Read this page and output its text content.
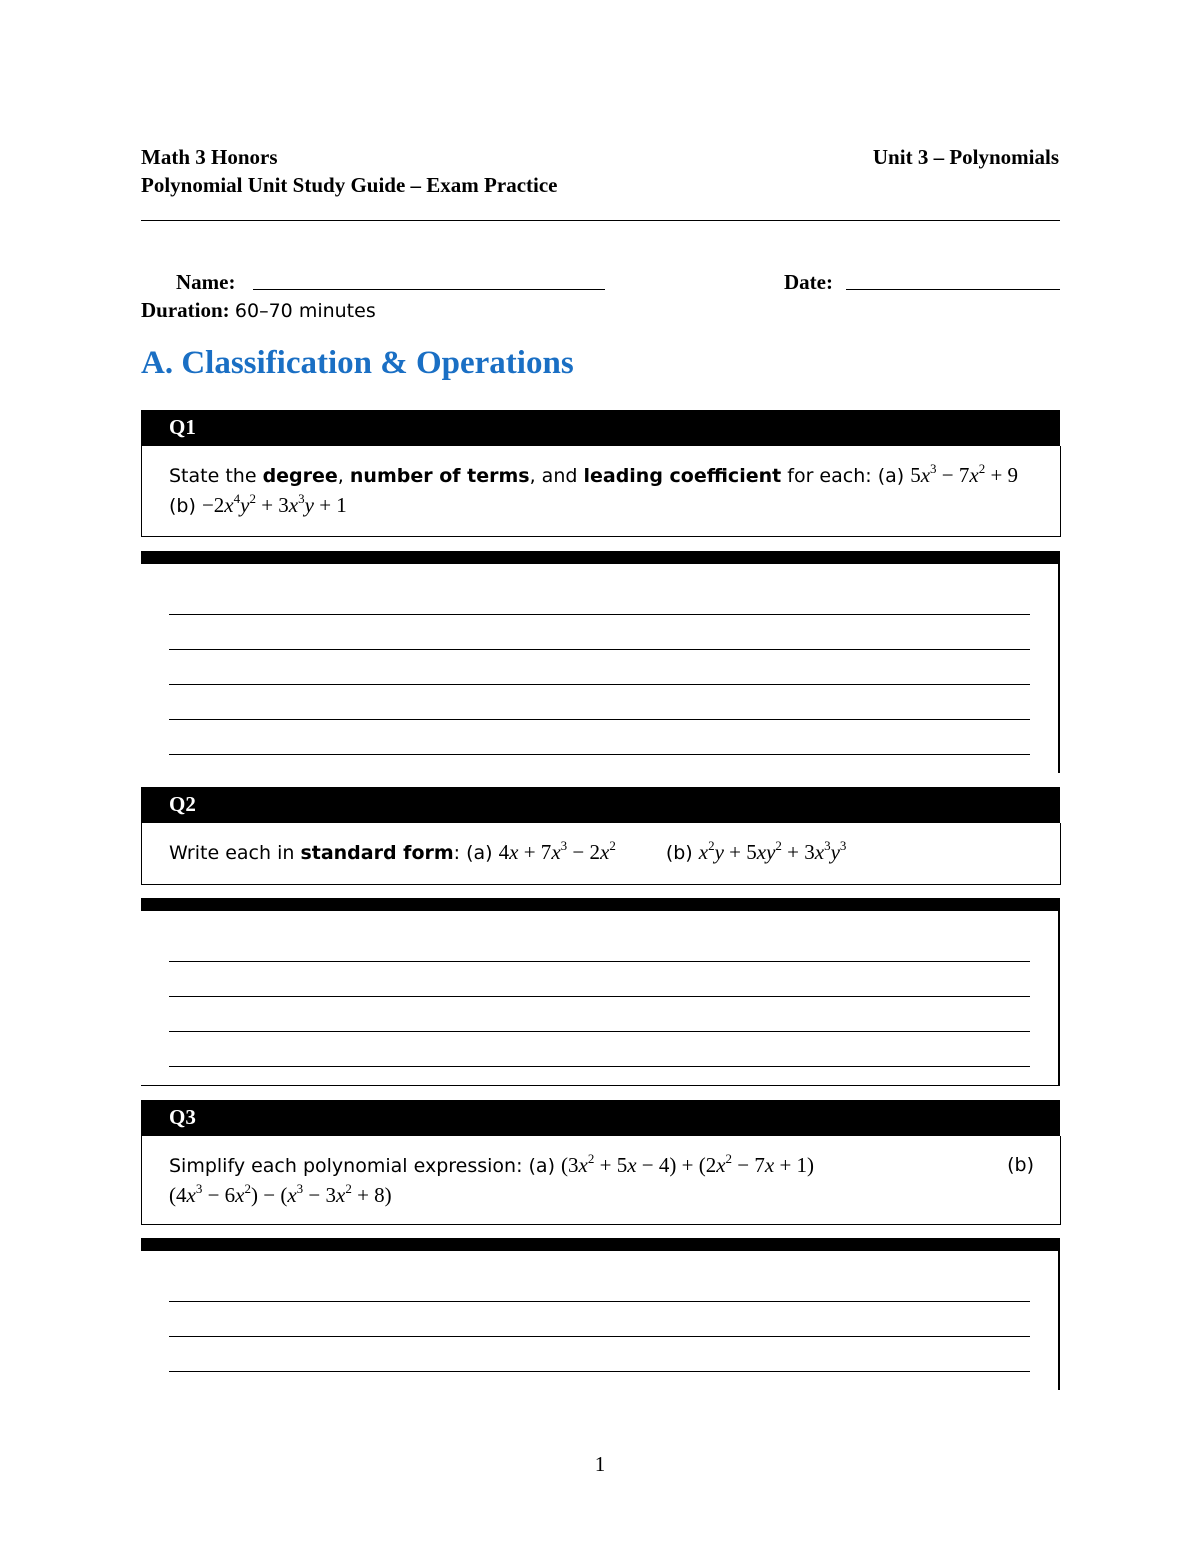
Math 3 Honors	Unit 3 – Polynomials
Polynomial Unit Study Guide – Exam Practice
Name:	Date:
Duration: 60–70 minutes
A. Classification & Operations
Q1
State the degree, number of terms, and leading coefficient for each: (a) $5x^3 - 7x^2 + 9$
$(b) -2x^4y^2 + 3x^3y + 1$
Q2
Write each in standard form: (a) $4x + 7x^3 - 2x^2$	(b) $x^2y + 5xy^2 + 3x^3y^3$
Q3
Simplify each polynomial expression: (a) $(3x^2 + 5x - 4) + (2x^2 - 7x + 1)$	(b)
$(4x^3 - 6x^2) - (x^3 - 3x^2 + 8)$
1
